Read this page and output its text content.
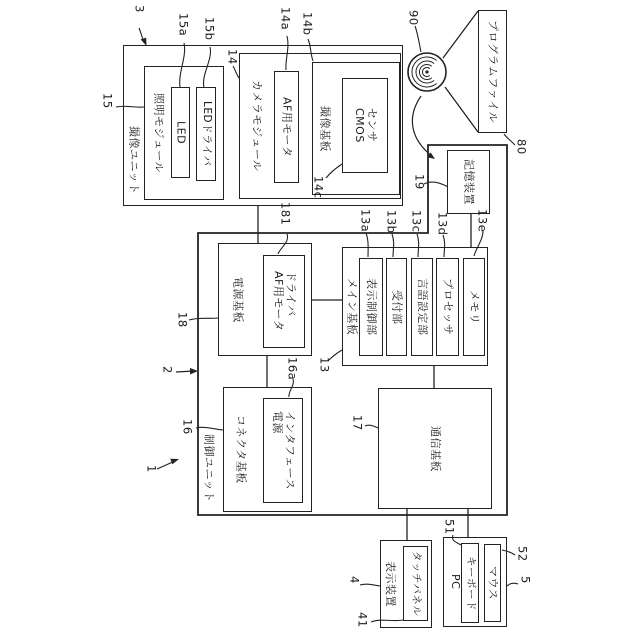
撮像ユニット 照明モジュール LED LEDドライバ	カメラモジュール AF用モータ 撮像基板 CMOS
センサ
プログラムファイル
記憶装置
制御ユニット
メイン基板 表示制御部 受付部 言語設定部 プロセッサ メモリ
電源基板 AF用モータ
ドライバ
コネクタ基板 電源
インタフェース	通信基板
表示装置 タッチパネル PC キーボード マウス
3
15
15a 15b
14
14a 14b
14c
90
80
19
181	13a 13b 13c 13d 13e
13
18
2
16
16a
1
17
4
41
51
52
5
